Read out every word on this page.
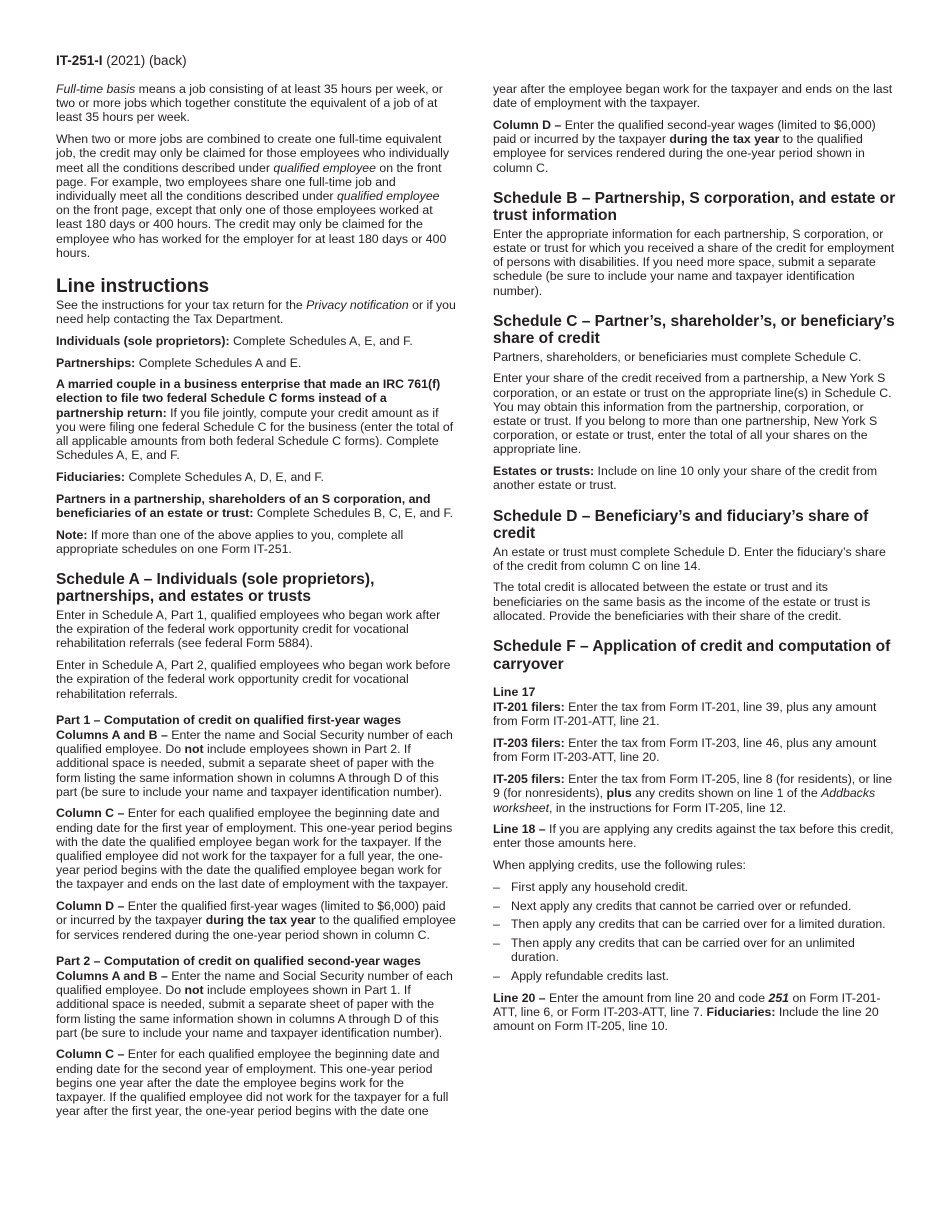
IT-251-I (2021) (back)

Full-time basis means a job consisting of at least 35 hours per week, or two or more jobs which together constitute the equivalent of a job of at least 35 hours per week.

When two or more jobs are combined to create one full-time equivalent job, the credit may only be claimed for those employees who individually meet all the conditions described under qualified employee on the front page. For example, two employees share one full-time job and individually meet all the conditions described under qualified employee on the front page, except that only one of those employees worked at least 180 days or 400 hours. The credit may only be claimed for the employee who has worked for the employer for at least 180 days or 400 hours.

Line instructions

See the instructions for your tax return for the Privacy notification or if you need help contacting the Tax Department.

Individuals (sole proprietors): Complete Schedules A, E, and F.

Partnerships: Complete Schedules A and E.

A married couple in a business enterprise that made an IRC 761(f) election to file two federal Schedule C forms instead of a partnership return: If you file jointly, compute your credit amount as if you were filing one federal Schedule C for the business (enter the total of all applicable amounts from both federal Schedule C forms). Complete Schedules A, E, and F.

Fiduciaries: Complete Schedules A, D, E, and F.

Partners in a partnership, shareholders of an S corporation, and beneficiaries of an estate or trust: Complete Schedules B, C, E, and F.

Note: If more than one of the above applies to you, complete all appropriate schedules on one Form IT-251.

Schedule A – Individuals (sole proprietors), partnerships, and estates or trusts

Enter in Schedule A, Part 1, qualified employees who began work after the expiration of the federal work opportunity credit for vocational rehabilitation referrals (see federal Form 5884).

Enter in Schedule A, Part 2, qualified employees who began work before the expiration of the federal work opportunity credit for vocational rehabilitation referrals.

Part 1 – Computation of credit on qualified first-year wages

Columns A and B – Enter the name and Social Security number of each qualified employee. Do not include employees shown in Part 2. If additional space is needed, submit a separate sheet of paper with the form listing the same information shown in columns A through D of this part (be sure to include your name and taxpayer identification number).

Column C – Enter for each qualified employee the beginning date and ending date for the first year of employment. This one-year period begins with the date the qualified employee began work for the taxpayer. If the qualified employee did not work for the taxpayer for a full year, the one-year period begins with the date the qualified employee began work for the taxpayer and ends on the last date of employment with the taxpayer.

Column D – Enter the qualified first-year wages (limited to $6,000) paid or incurred by the taxpayer during the tax year to the qualified employee for services rendered during the one-year period shown in column C.

Part 2 – Computation of credit on qualified second-year wages

Columns A and B – Enter the name and Social Security number of each qualified employee. Do not include employees shown in Part 1. If additional space is needed, submit a separate sheet of paper with the form listing the same information shown in columns A through D of this part (be sure to include your name and taxpayer identification number).

Column C – Enter for each qualified employee the beginning date and ending date for the second year of employment. This one-year period begins one year after the date the employee begins work for the taxpayer. If the qualified employee did not work for the taxpayer for a full year after the first year, the one-year period begins with the date one

year after the employee began work for the taxpayer and ends on the last date of employment with the taxpayer.

Column D – Enter the qualified second-year wages (limited to $6,000) paid or incurred by the taxpayer during the tax year to the qualified employee for services rendered during the one-year period shown in column C.

Schedule B – Partnership, S corporation, and estate or trust information

Enter the appropriate information for each partnership, S corporation, or estate or trust for which you received a share of the credit for employment of persons with disabilities. If you need more space, submit a separate schedule (be sure to include your name and taxpayer identification number).

Schedule C – Partner’s, shareholder’s, or beneficiary’s share of credit

Partners, shareholders, or beneficiaries must complete Schedule C.

Enter your share of the credit received from a partnership, a New York S corporation, or an estate or trust on the appropriate line(s) in Schedule C. You may obtain this information from the partnership, corporation, or estate or trust. If you belong to more than one partnership, New York S corporation, or estate or trust, enter the total of all your shares on the appropriate line.

Estates or trusts: Include on line 10 only your share of the credit from another estate or trust.

Schedule D – Beneficiary’s and fiduciary’s share of credit

An estate or trust must complete Schedule D. Enter the fiduciary’s share of the credit from column C on line 14.

The total credit is allocated between the estate or trust and its beneficiaries on the same basis as the income of the estate or trust is allocated. Provide the beneficiaries with their share of the credit.

Schedule F – Application of credit and computation of carryover
Line 17

IT-201 filers: Enter the tax from Form IT-201, line 39, plus any amount from Form IT-201-ATT, line 21.

IT-203 filers: Enter the tax from Form IT-203, line 46, plus any amount from Form IT-203-ATT, line 20.

IT-205 filers: Enter the tax from Form IT-205, line 8 (for residents), or line 9 (for nonresidents), plus any credits shown on line 1 of the Addbacks worksheet, in the instructions for Form IT-205, line 12.

Line 18 – If you are applying any credits against the tax before this credit, enter those amounts here.

When applying credits, use the following rules:

– First apply any household credit.
– Next apply any credits that cannot be carried over or refunded.
– Then apply any credits that can be carried over for a limited duration.
– Then apply any credits that can be carried over for an unlimited duration.
– Apply refundable credits last.

Line 20 – Enter the amount from line 20 and code 251 on Form IT-201-ATT, line 6, or Form IT-203-ATT, line 7. Fiduciaries: Include the line 20 amount on Form IT-205, line 10.
